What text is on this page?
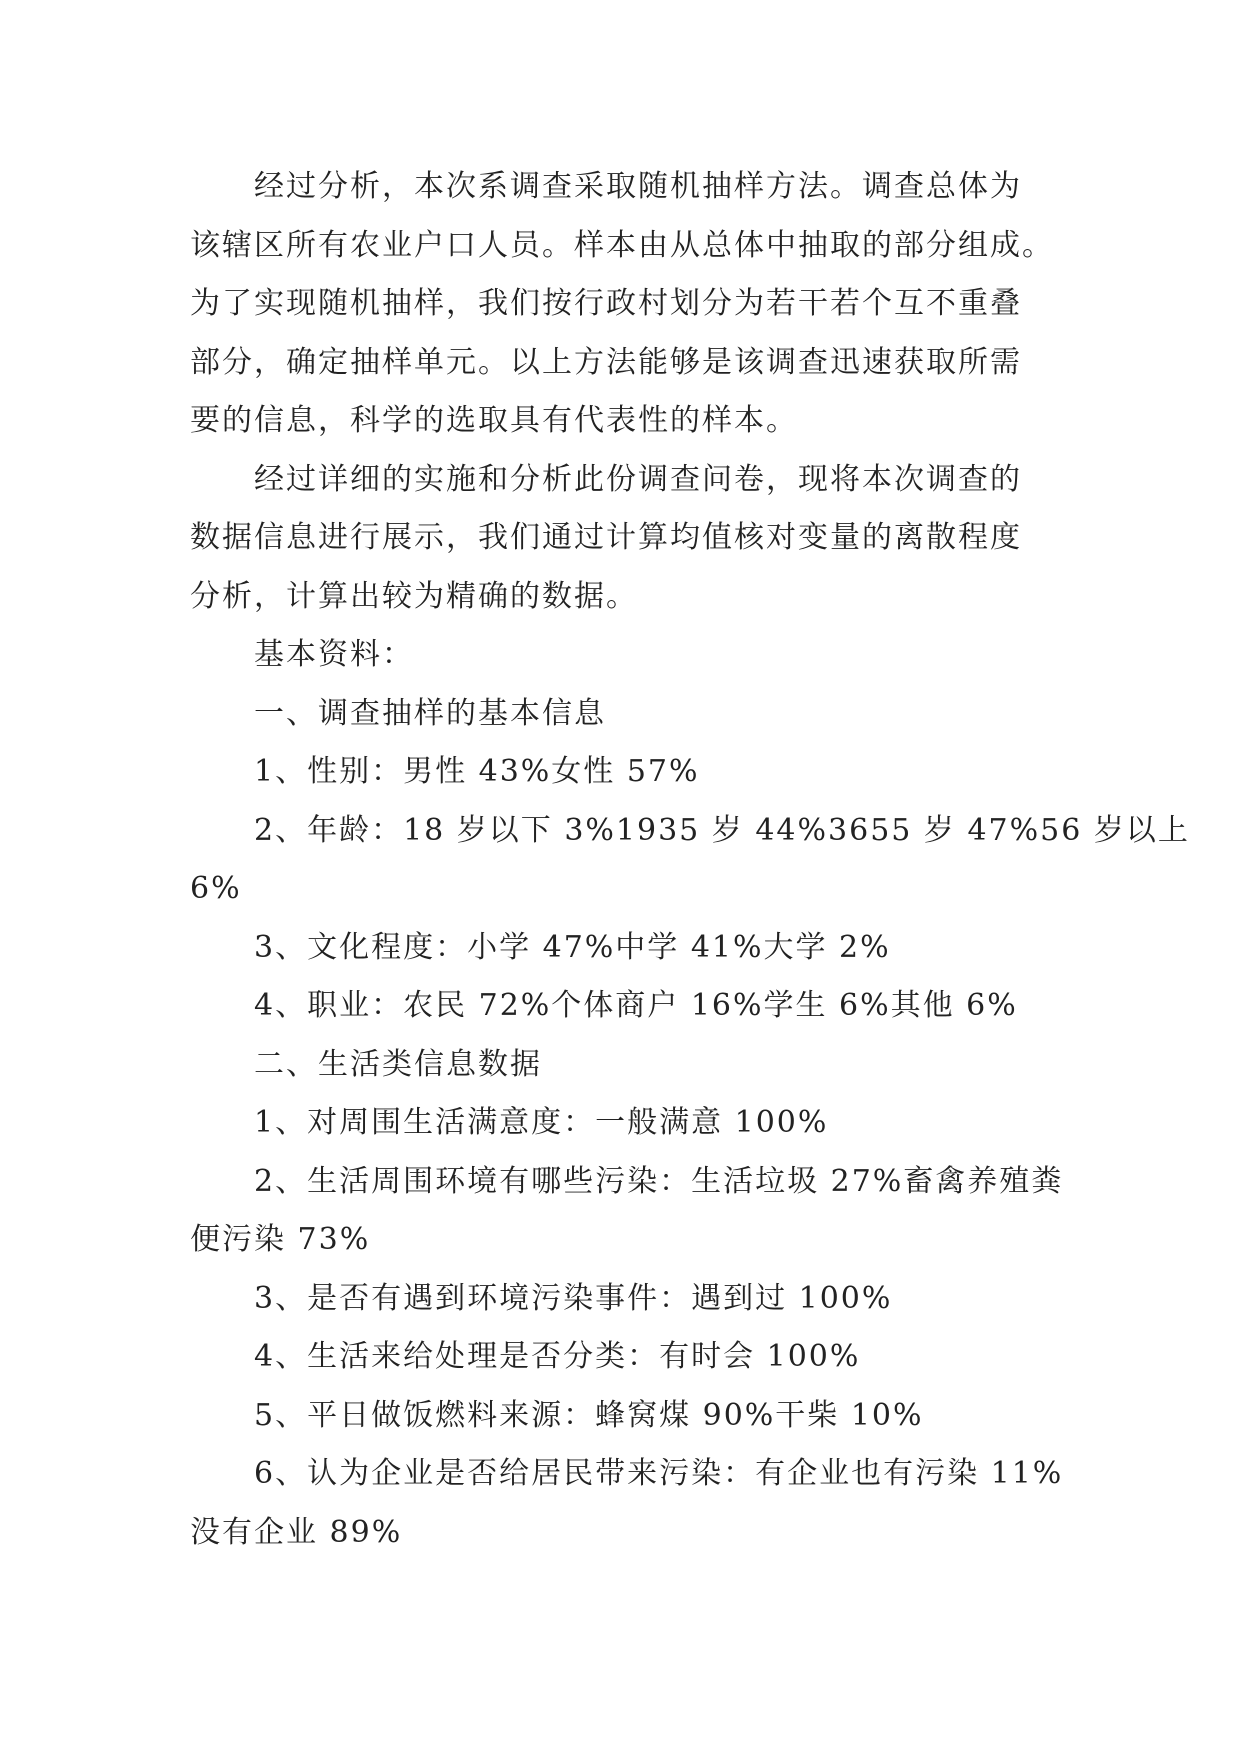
经过分析，本次系调查采取随机抽样方法。调查总体为
该辖区所有农业户口人员。样本由从总体中抽取的部分组成。
为了实现随机抽样，我们按行政村划分为若干若个互不重叠
部分，确定抽样单元。以上方法能够是该调查迅速获取所需
要的信息，科学的选取具有代表性的样本。
经过详细的实施和分析此份调查问卷，现将本次调查的
数据信息进行展示，我们通过计算均值核对变量的离散程度
分析，计算出较为精确的数据。
基本资料：
一、调查抽样的基本信息
1、性别：男性 43%女性 57%
2、年龄：18 岁以下 3%1935 岁 44%3655 岁 47%56 岁以上
6%
3、文化程度：小学 47%中学 41%大学 2%
4、职业：农民 72%个体商户 16%学生 6%其他 6%
二、生活类信息数据
1、对周围生活满意度：一般满意 100%
2、生活周围环境有哪些污染：生活垃圾 27%畜禽养殖粪
便污染 73%
3、是否有遇到环境污染事件：遇到过 100%
4、生活来给处理是否分类：有时会 100%
5、平日做饭燃料来源：蜂窝煤 90%干柴 10%
6、认为企业是否给居民带来污染：有企业也有污染 11%
没有企业 89%
